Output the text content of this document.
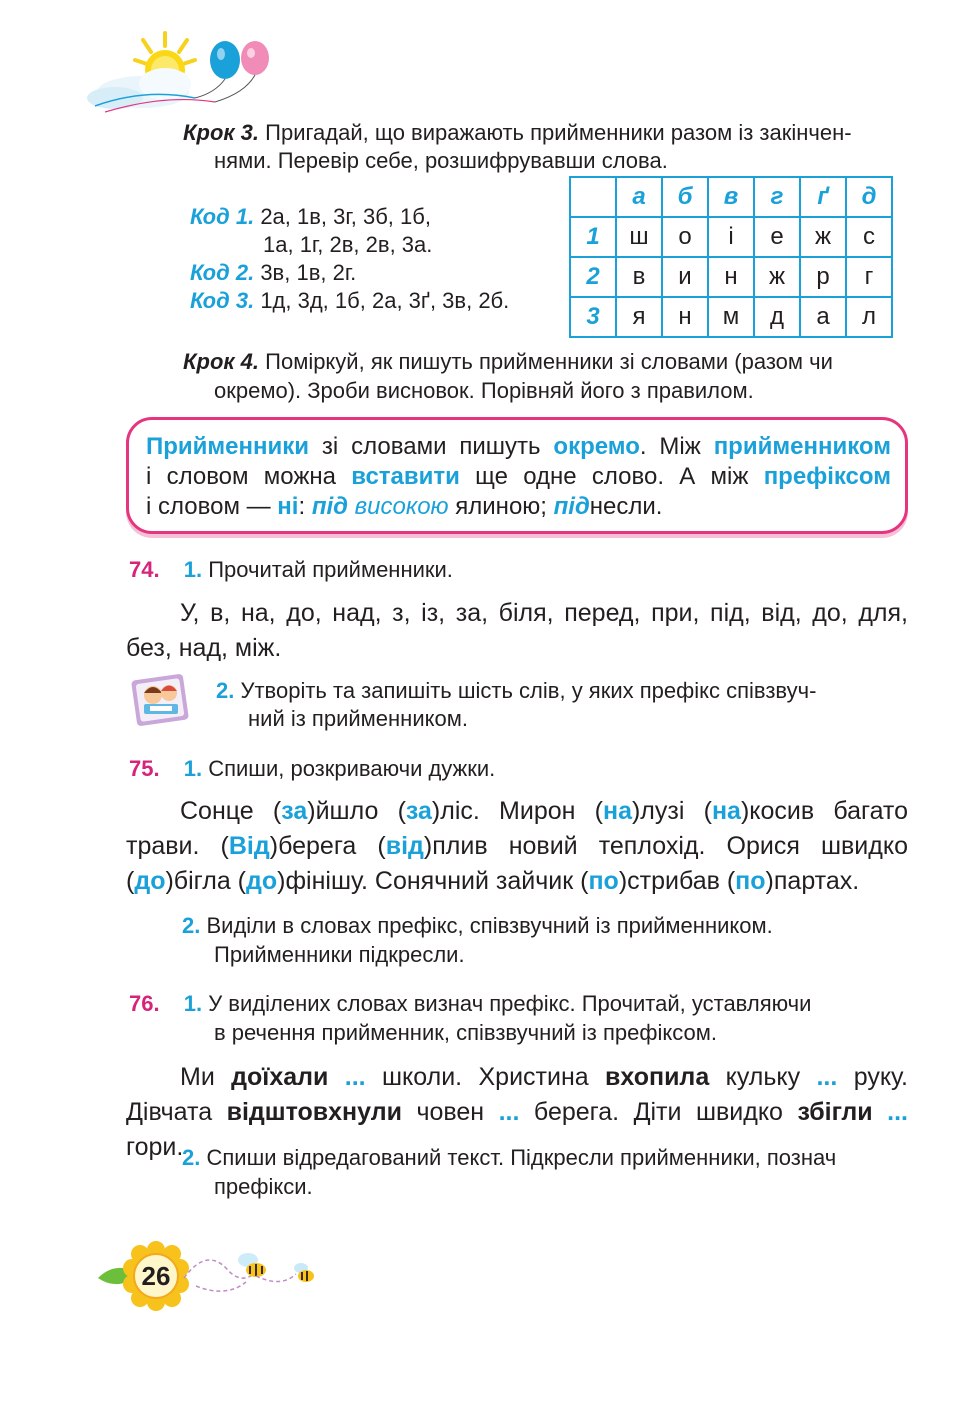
Крок 3. Пригадай, що виражають прийменники разом із закінчен-
нями. Перевір себе, розшифрувавши слова.
Код 1. 2а, 1в, 3г, 3б, 1б,
1а, 1г, 2в, 2в, 3а.
Код 2. 3в, 1в, 2г.
Код 3. 1д, 3д, 1б, 2а, 3ґ, 3в, 2б.
	а	б	в	г	ґ	д
1	ш	о	і	е	ж	с
2	в	и	н	ж	р	г
3	я	н	м	д	а	л
Крок 4. Поміркуй, як пишуть прийменники зі словами (разом чи
окремо). Зроби висновок. Порівняй його з правилом.
Прийменники зі словами пишуть окремо. Між прийменником
і словом можна вставити ще одне слово. А між префіксом
і словом — ні: під високою ялиною; піднесли.
74. 1. Прочитай прийменники.
У, в, на, до, над, з, із, за, біля, перед, при, під, від, до, для, без, над, між.
2. Утворіть та запишіть шість слів, у яких префікс співзвуч-
ний із прийменником.
75. 1. Спиши, розкриваючи дужки.
Сонце (за)йшло (за)ліс. Мирон (на)лузі (на)косив багато трави. (Від)берега (від)плив новий теплохід. Орися швидко (до)бігла (до)фінішу. Сонячний зайчик (по)стрибав (по)партах.
2. Виділи в словах префікс, співзвучний із прийменником.
Прийменники підкресли.
76. 1. У виділених словах визнач префікс. Прочитай, уставляючи
в речення прийменник, співзвучний із префіксом.
Ми доїхали ... школи. Христина вхопила кульку ... руку. Дівчата відштовхнули човен ... берега. Діти швидко збігли ... гори.
2. Спиши відредагований текст. Підкресли прийменники, познач
префікси.
26
